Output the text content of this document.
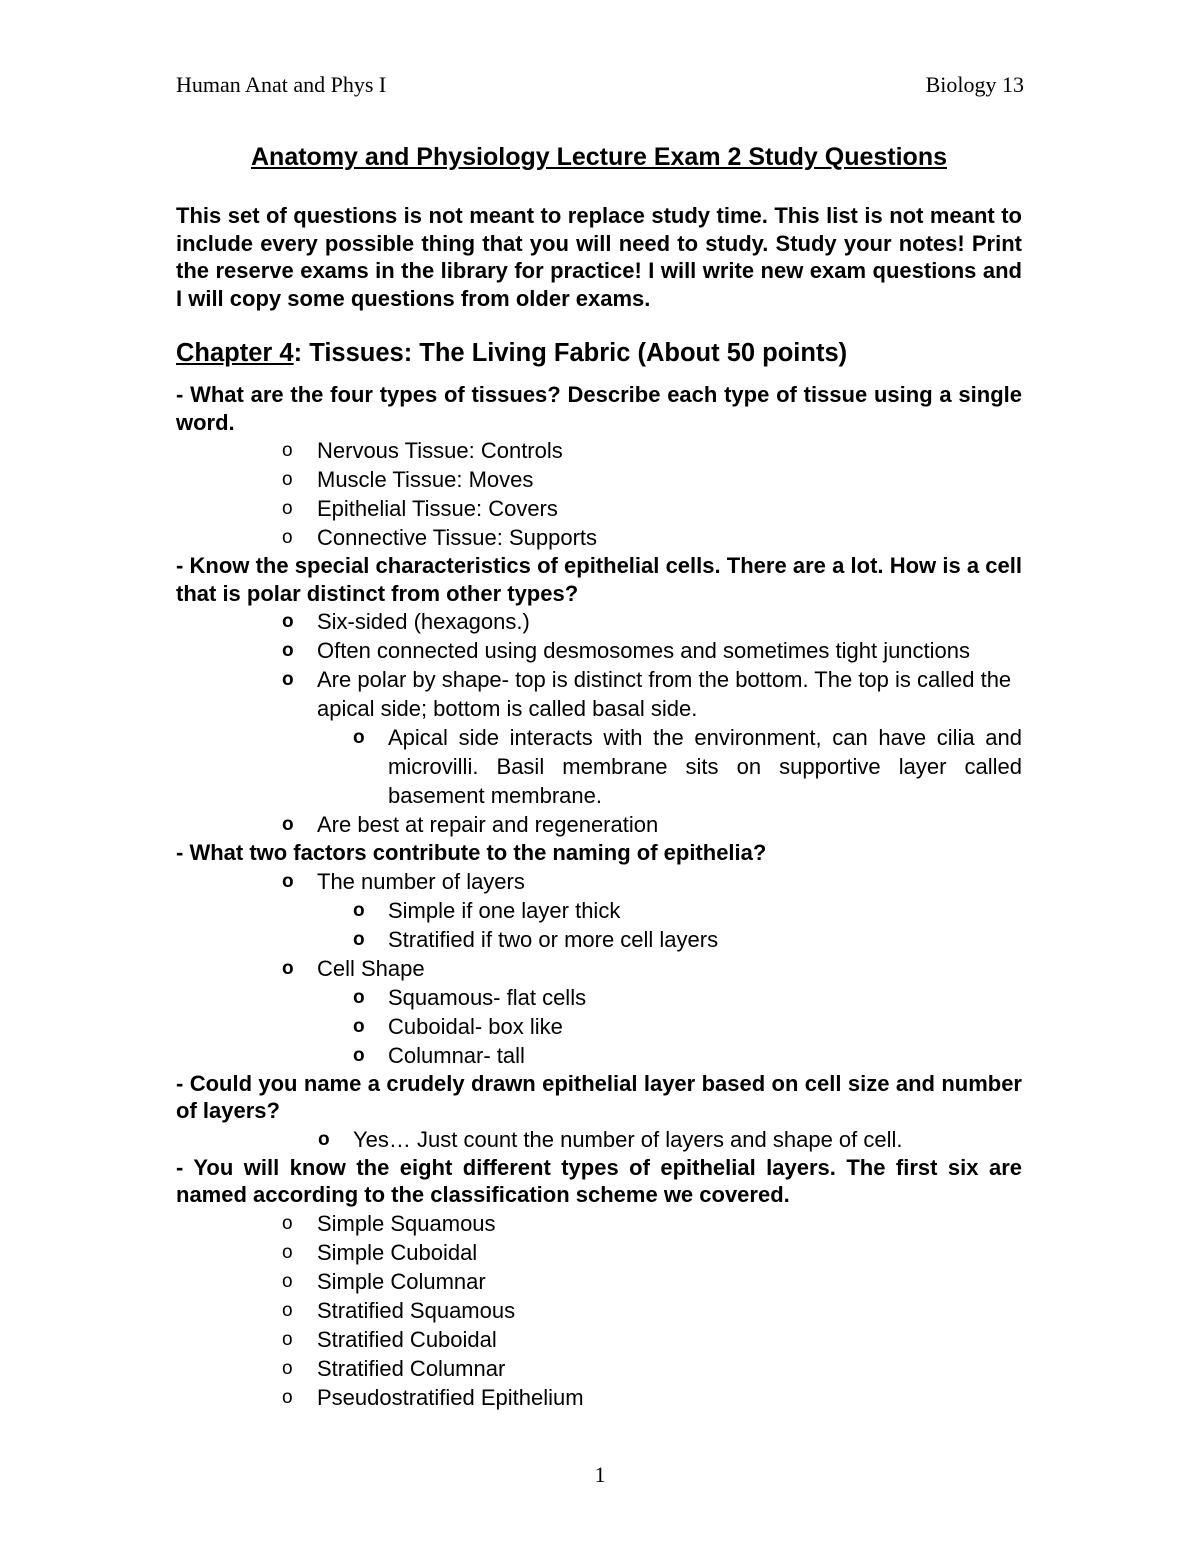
Human Anat and Phys I	Biology 13
Anatomy and Physiology Lecture Exam 2 Study Questions

This set of questions is not meant to replace study time. This list is not meant to include every possible thing that you will need to study. Study your notes! Print the reserve exams in the library for practice! I will write new exam questions and I will copy some questions from older exams.

Chapter 4: Tissues: The Living Fabric (About 50 points)

- What are the four types of tissues? Describe each type of tissue using a single word.

o Nervous Tissue: Controls
o Muscle Tissue: Moves
o Epithelial Tissue: Covers
o Connective Tissue: Supports

- Know the special characteristics of epithelial cells. There are a lot. How is a cell that is polar distinct from other types?

o Six-sided (hexagons.)
o Often connected using desmosomes and sometimes tight junctions
o Are polar by shape- top is distinct from the bottom. The top is called the apical side; bottom is called basal side.
o Apical side interacts with the environment, can have cilia and microvilli. Basil membrane sits on supportive layer called basement membrane.
o Are best at repair and regeneration

- What two factors contribute to the naming of epithelia?

o The number of layers
o Simple if one layer thick
o Stratified if two or more cell layers
o Cell Shape
o Squamous- flat cells
o Cuboidal- box like
o Columnar- tall

- Could you name a crudely drawn epithelial layer based on cell size and number of layers?

o Yes… Just count the number of layers and shape of cell.

- You will know the eight different types of epithelial layers. The first six are named according to the classification scheme we covered.

o Simple Squamous
o Simple Cuboidal
o Simple Columnar
o Stratified Squamous
o Stratified Cuboidal
o Stratified Columnar
o Pseudostratified Epithelium
1
